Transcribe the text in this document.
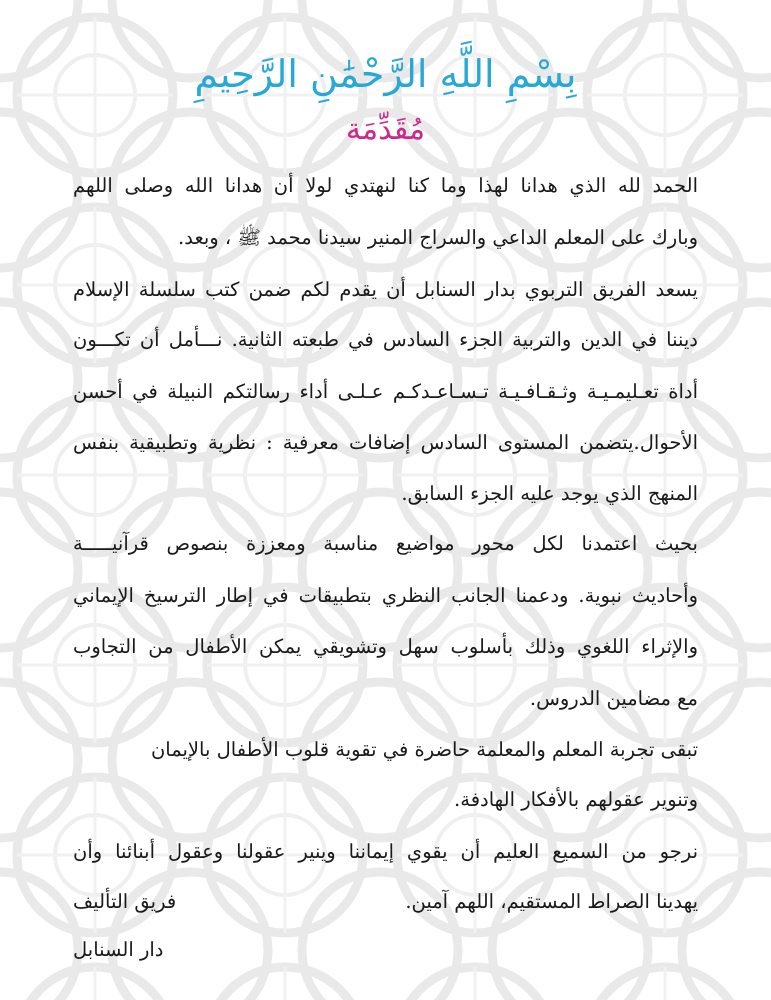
بِسْمِ اللَّهِ الرَّحْمَٰنِ الرَّحِيمِ
مُقَدِّمَة
الحمد لله الذي هدانا لهذا وما كنا لنهتدي لولا أن هدانا الله وصلى اللهم
وبارك على المعلم الداعي والسراج المنير سيدنا محمد ﷺ ، وبعد.
يسعد الفريق التربوي بدار السنابل أن يقدم لكم ضمن كتب سلسلة الإسلام
ديننا في الدين والتربية الجزء السادس في طبعته الثانية. نـــأمل أن تكـــون
أداة تعـليمـيـة وثـقـافـيـة تـسـاعـدكـم عـلـى أداء رسالتكم النبيلة في أحسن
الأحوال.يتضمن المستوى السادس إضافات معرفية : نظرية وتطبيقية بنفس
المنهج الذي يوجد عليه الجزء السابق.
بحيث اعتمدنا لكل محور مواضيع مناسبة ومعززة بنصوص قرآنيـــــة
وأحاديث نبوية. ودعمنا الجانب النظري بتطبيقات في إطار الترسيخ الإيماني
والإثراء اللغوي وذلك بأسلوب سهل وتشويقي يمكن الأطفال من التجاوب
مع مضامين الدروس.
تبقى تجربة المعلم والمعلمة حاضرة في تقوية قلوب الأطفال بالإيمان
وتنوير عقولهم بالأفكار الهادفة.
نرجو من السميع العليم أن يقوي إيماننا وينير عقولنا وعقول أبنائنا وأن
يهدينا الصراط المستقيم، اللهم آمين.
فريق التأليف
دار السنابل
